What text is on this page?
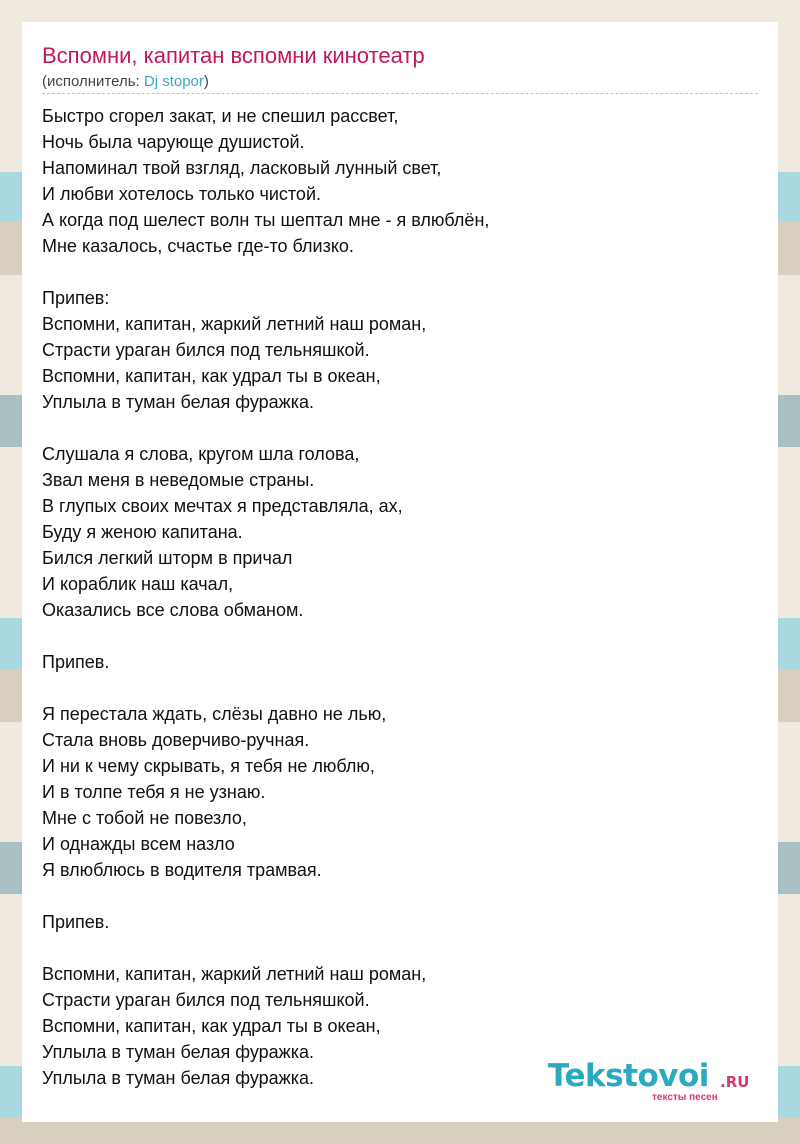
Вспомни, капитан вспомни кинотеатр
(исполнитель: Dj stopor)
Быстро сгорел закат, и не спешил рассвет,
Ночь была чарующе душистой.
Напоминал твой взгляд, ласковый лунный свет,
И любви хотелось только чистой.
А когда под шелест волн ты шептал мне - я влюблён,
Мне казалось, счастье где-то близко.
Припев:
Вспомни, капитан, жаркий летний наш роман,
Страсти ураган бился под тельняшкой.
Вспомни, капитан, как удрал ты в океан,
Уплыла в туман белая фуражка.
Слушала я слова, кругом шла голова,
Звал меня в неведомые страны.
В глупых своих мечтах я представляла, ах,
Буду я женою капитана.
Бился легкий шторм в причал
И кораблик наш качал,
Оказались все слова обманом.
Припев.
Я перестала ждать, слёзы давно не лью,
Стала вновь доверчиво-ручная.
И ни к чему скрывать, я тебя не люблю,
И в толпе тебя я не узнаю.
Мне с тобой не повезло,
И однажды всем назло
Я влюблюсь в водителя трамвая.
Припев.
Вспомни, капитан, жаркий летний наш роман,
Страсти ураган бился под тельняшкой.
Вспомни, капитан, как удрал ты в океан,
Уплыла в туман белая фуражка.
Уплыла в туман белая фуражка.	Tekstovoi .RU
тексты песен
